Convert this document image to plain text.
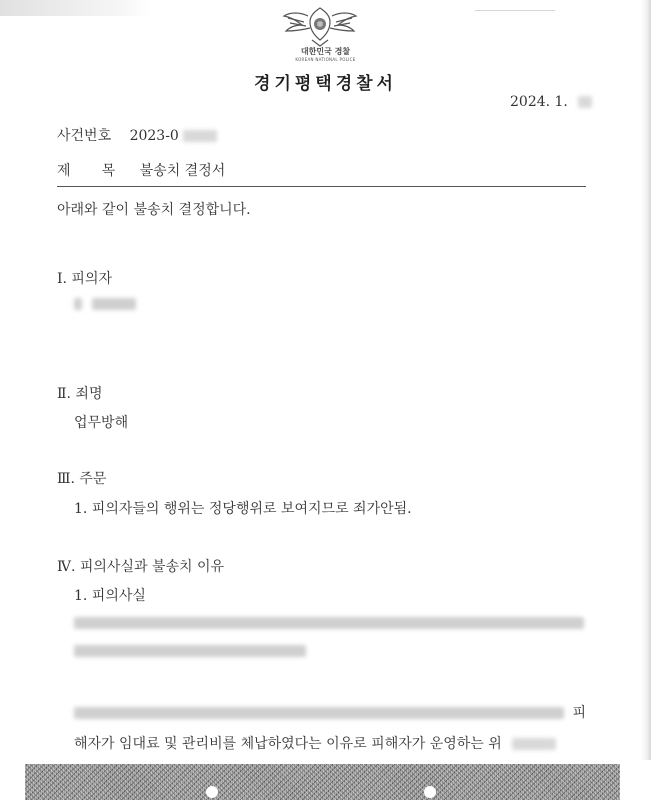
대한민국 경찰
KOREAN NATIONAL POLICE
경기평택경찰서
2024. 1.
사건번호 2023-0
제       목 불송치 결정서
아래와 같이 불송치 결정합니다.
Ⅰ. 피의자

Ⅱ. 죄명
업무방해
Ⅲ. 주문
1. 피의자들의 행위는 정당행위로 보여지므로 죄가안됨.
Ⅳ. 피의사실과 불송치 이유
1. 피의사실
피
해자가 임대료 및 관리비를 체납하였다는 이유로 피해자가 운영하는 위
